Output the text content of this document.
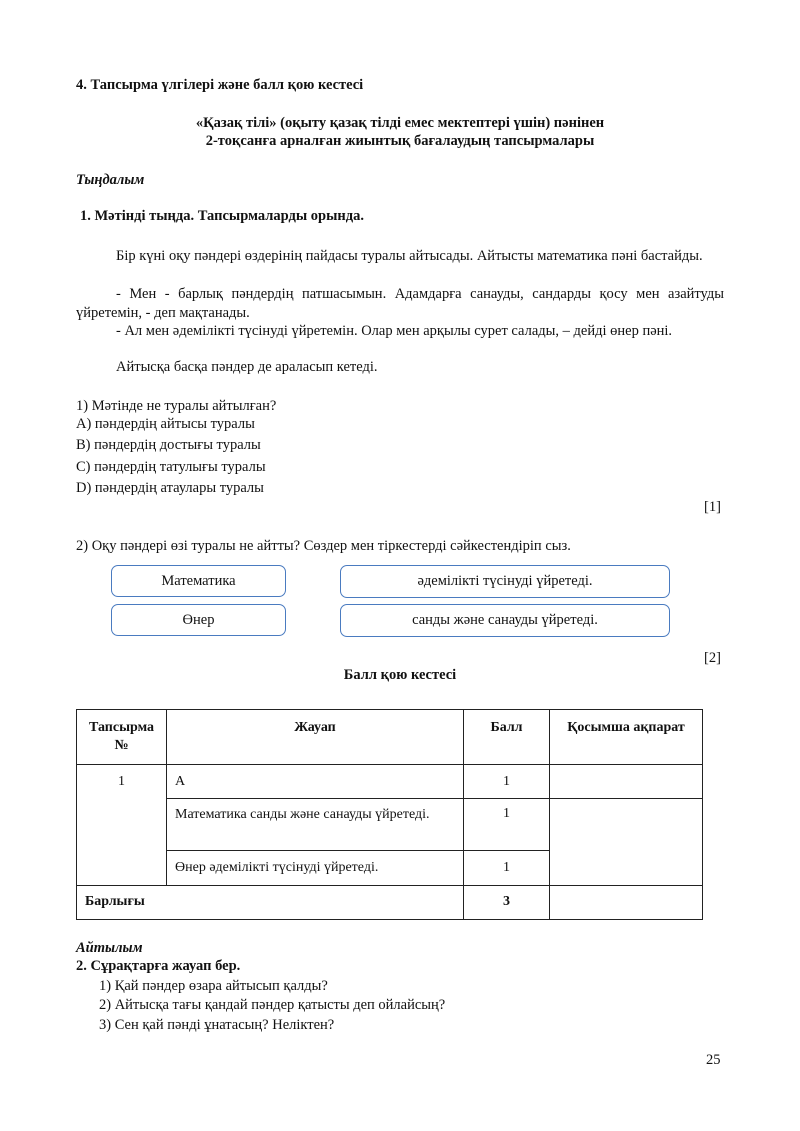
4. Тапсырма үлгілері және балл қою кестесі
«Қазақ тілі» (оқыту қазақ тілді емес мектептері үшін) пәнінен
2-тоқсанға арналған жиынтық бағалаудың тапсырмалары
Тыңдалым
1. Мәтінді тыңда. Тапсырмаларды орында.
Бір күні оқу пәндері өздерінің пайдасы туралы айтысады. Айтысты математика пәні бастайды.
- Мен - барлық пәндердің патшасымын. Адамдарға санауды, сандарды қосу мен азайтуды үйретемін, - деп мақтанады.
- Ал мен әдемілікті түсінуді үйретемін. Олар мен арқылы сурет салады, – дейді өнер пәні.
Айтысқа басқа пәндер де араласып кетеді.
1) Мәтінде не туралы айтылған?
A) пәндердің айтысы туралы
B) пәндердің достығы туралы
C) пәндердің татулығы туралы
D) пәндердің атаулары туралы
[1]
2) Оқу пәндері өзі туралы не айтты? Сөздер мен тіркестерді сәйкестендіріп сыз.
Математика
Өнер
әдемілікті түсінуді үйретеді.
санды және санауды үйретеді.
[2]
Балл қою кестесі
Тапсырма №	Жауап	Балл	Қосымша ақпарат
1	A	1	
	Математика санды және санауды үйретеді.	1	
	Өнер әдемілікті түсінуді үйретеді.	1	
Барлығы		3	
Айтылым
2. Сұрақтарға жауап бер.
1) Қай пәндер өзара айтысып қалды?
2) Айтысқа тағы қандай пәндер қатысты деп ойлайсың?
3) Сен қай пәнді ұнатасың? Неліктен?
25
